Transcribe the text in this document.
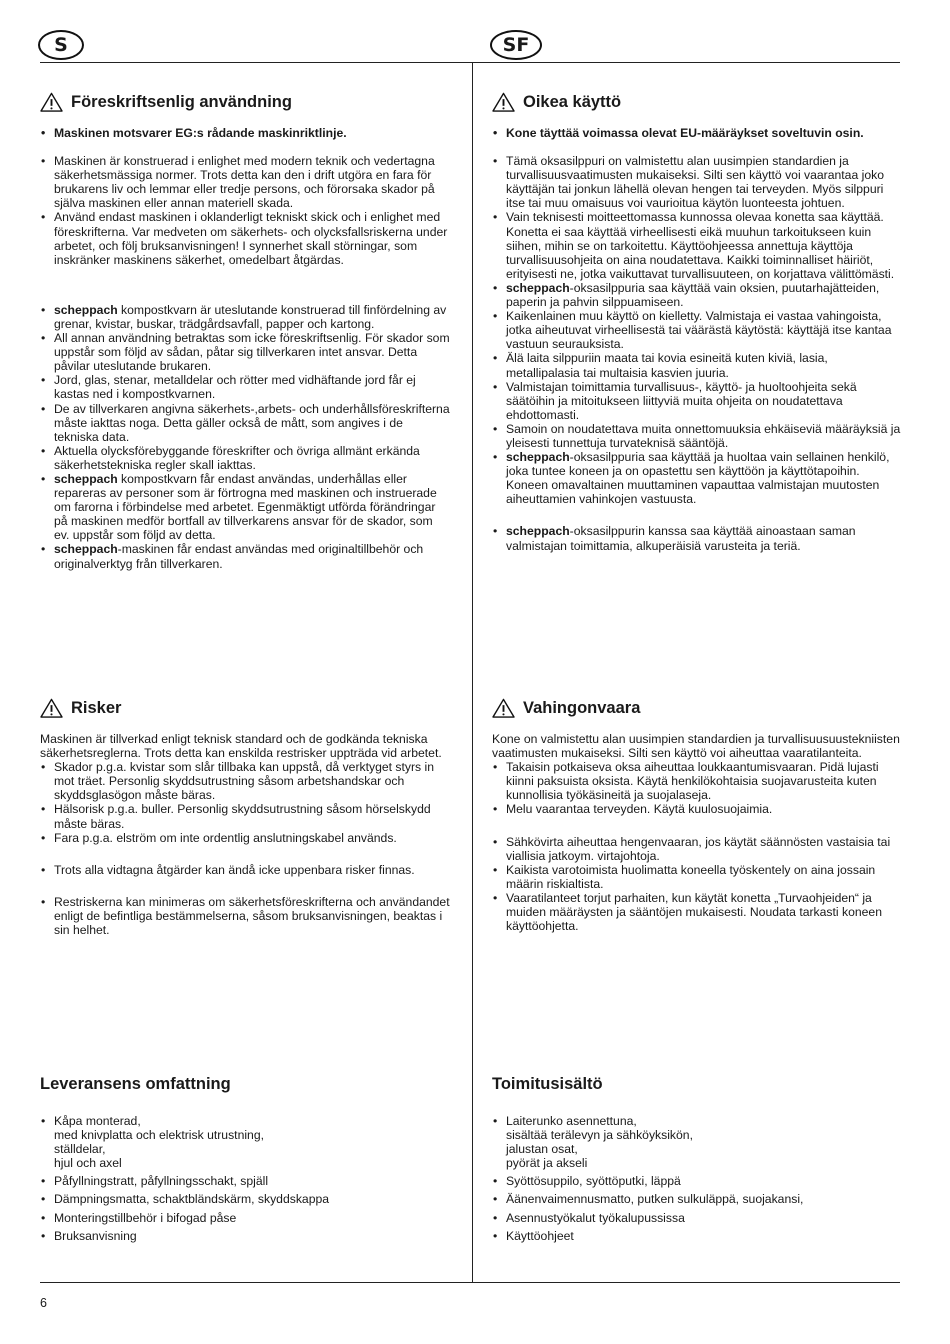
S	SF
Föreskriftsenlig användning
• Maskinen motsvarer EG:s rådande maskinriktlinje.
• Maskinen är konstruerad i enlighet med modern teknik och vedertagna säkerhetsmässiga normer. Trots detta kan den i drift utgöra en fara för brukarens liv och lemmar eller tredje persons, och förorsaka skador på själva maskinen eller annan materiell skada.
• Använd endast maskinen i oklanderligt tekniskt skick och i enlighet med föreskrifterna. Var medveten om säkerhets- och olycksfallsriskerna under arbetet, och följ bruksanvisningen! I synnerhet skall störningar, som inskränker maskinens säkerhet, omedelbart åtgärdas.
• scheppach kompostkvarn är uteslutande konstruerad till finfördelning av grenar, kvistar, buskar, trädgårdsavfall, papper och kartong.
• All annan användning betraktas som icke föreskriftsenlig. För skador som uppstår som följd av sådan, påtar sig tillverkaren intet ansvar. Detta påvilar uteslutande brukaren.
• Jord, glas, stenar, metalldelar och rötter med vidhäftande jord får ej kastas ned i kompostkvarnen.
• De av tillverkaren angivna säkerhets-,arbets- och underhållsföreskrifterna måste iakttas noga. Detta gäller också de mått, som angives i de tekniska data.
• Aktuella olycksförebyggande föreskrifter och övriga allmänt erkända säkerhetstekniska regler skall iakttas.
• scheppach kompostkvarn får endast användas, underhållas eller repareras av personer som är förtrogna med maskinen och instruerade om farorna i förbindelse med arbetet. Egenmäktigt utförda förändringar på maskinen medför bortfall av tillverkarens ansvar för de skador, som ev. uppstår som följd av detta.
• scheppach-maskinen får endast användas med originaltillbehör och originalverktyg från tillverkaren.
Oikea käyttö
• Kone täyttää voimassa olevat EU-määräykset soveltuvin osin.
• Tämä oksasilppuri on valmistettu alan uusimpien standardien ja turvallisuusvaatimusten mukaiseksi. Silti sen käyttö voi vaarantaa joko käyttäjän tai jonkun lähellä olevan hengen tai terveyden. Myös silppuri itse tai muu omaisuus voi vaurioitua käytön luonteesta johtuen.
• Vain teknisesti moitteettomassa kunnossa olevaa konetta saa käyttää. Konetta ei saa käyttää virheellisesti eikä muuhun tarkoitukseen kuin siihen, mihin se on tarkoitettu. Käyttöohjeessa annettuja käyttöja turvallisuusohjeita on aina noudatettava. Kaikki toiminnalliset häiriöt, erityisesti ne, jotka vaikuttavat turvallisuuteen, on korjattava välittömästi.
• scheppach-oksasilppuria saa käyttää vain oksien, puutarhajätteiden, paperin ja pahvin silppuamiseen.
• Kaikenlainen muu käyttö on kielletty. Valmistaja ei vastaa vahingoista, jotka aiheutuvat virheellisestä tai väärästä käytöstä: käyttäjä itse kantaa vastuun seurauksista.
• Älä laita silppuriin maata tai kovia esineitä kuten kiviä, lasia, metallipalasia tai multaisia kasvien juuria.
• Valmistajan toimittamia turvallisuus-, käyttö- ja huoltoohjeita sekä säätöihin ja mitoitukseen liittyviä muita ohjeita on noudatettava ehdottomasti.
• Samoin on noudatettava muita onnettomuuksia ehkäiseviä määräyksiä ja yleisesti tunnettuja turvateknisä sääntöjä.
• scheppach-oksasilppuria saa käyttää ja huoltaa vain sellainen henkilö, joka tuntee koneen ja on opastettu sen käyttöön ja käyttötapoihin. Koneen omavaltainen muuttaminen vapauttaa valmistajan muutosten aiheuttamien vahinkojen vastuusta.
• scheppach-oksasilppurin kanssa saa käyttää ainoastaan saman valmistajan toimittamia, alkuperäisiä varusteita ja teriä.
Risker

Maskinen är tillverkad enligt teknisk standard och de godkända tekniska säkerhetsreglerna. Trots detta kan enskilda restrisker uppträda vid arbetet.

• Skador p.g.a. kvistar som slår tillbaka kan uppstå, då verktyget styrs in mot träet. Personlig skyddsutrustning såsom arbetshandskar och skyddsglasögon måste bäras.
• Hälsorisk p.g.a. buller. Personlig skyddsutrustning såsom hörselskydd måste bäras.
• Fara p.g.a. elström om inte ordentlig anslutningskabel används.
• Trots alla vidtagna åtgärder kan ändå icke uppenbara risker finnas.
• Restriskerna kan minimeras om säkerhetsföreskrifterna och användandet enligt de befintliga bestämmelserna, såsom bruksanvisningen, beaktas i sin helhet.
Vahingonvaara

Kone on valmistettu alan uusimpien standardien ja turvallisuusuustekniisten vaatimusten mukaiseksi. Silti sen käyttö voi aiheuttaa vaaratilanteita.

• Takaisin potkaiseva oksa aiheuttaa loukkaantumisvaaran. Pidä lujasti kiinni paksuista oksista. Käytä henkilökohtaisia suojavarusteita kuten kunnollisia työkäsineitä ja suojalaseja.
• Melu vaarantaa terveyden. Käytä kuulosuojaimia.
• Sähkövirta aiheuttaa hengenvaaran, jos käytät säännösten vastaisia tai viallisia jatkoym. virtajohtoja.
• Kaikista varotoimista huolimatta koneella työskentely on aina jossain määrin riskialtista.
• Vaaratilanteet torjut parhaiten, kun käytät konetta „Turvaohjeiden“ ja muiden määräysten ja sääntöjen mukaisesti. Noudata tarkasti koneen käyttöohjetta.
Leveransens omfattning
• Kåpa monterad,
med knivplatta och elektrisk utrustning,
ställdelar,
hjul och axel
• Påfyllningstratt, påfyllningsschakt, spjäll
• Dämpningsmatta, schaktbländskärm, skyddskappa
• Monteringstillbehör i bifogad påse
• Bruksanvisning
Toimitusisältö
• Laiterunko asennettuna,
sisältää terälevyn ja sähköyksikön,
jalustan osat,
pyörät ja akseli
• Syöttösuppilo, syöttöputki, läppä
• Äänenvaimennusmatto, putken sulkuläppä, suojakansi,
• Asennustyökalut työkalupussissa
• Käyttöohjeet
6
